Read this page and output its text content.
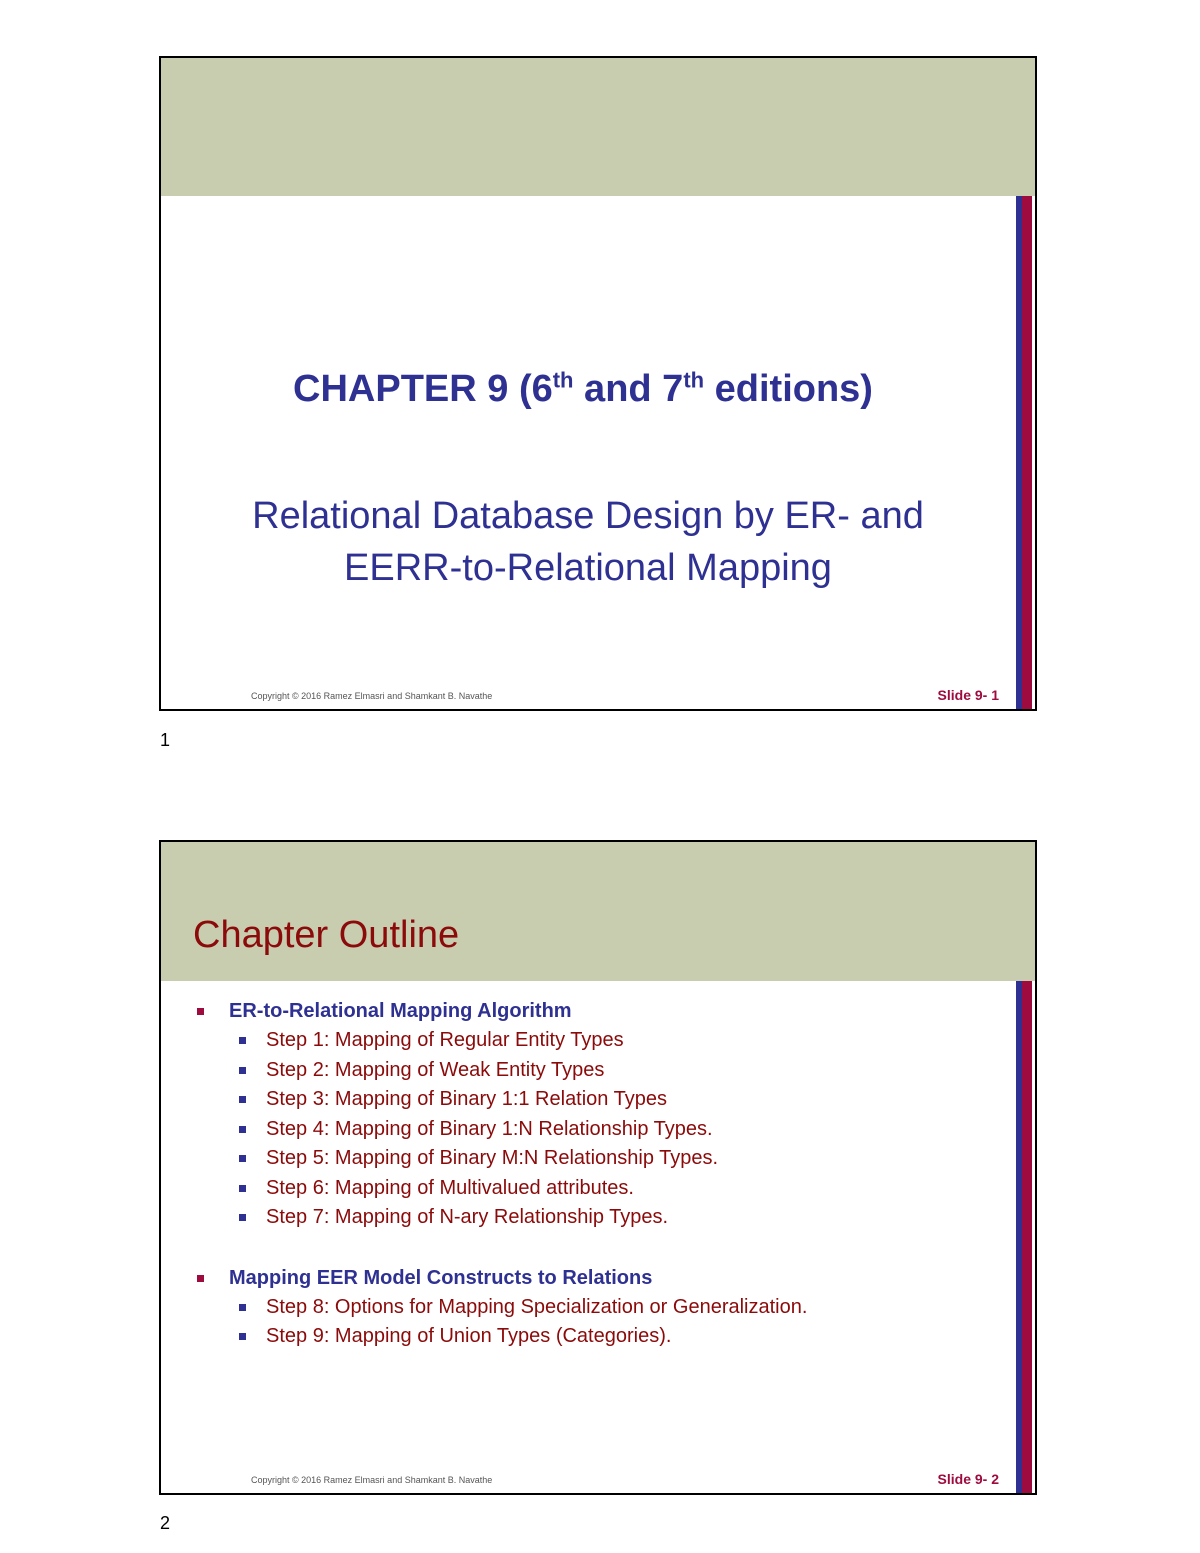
CHAPTER 9 (6th and 7th editions)
Relational Database Design by ER- and
EERR-to-Relational Mapping
Copyright © 2016 Ramez Elmasri and Shamkant B. Navathe	Slide 9- 1
1
Chapter Outline
ER-to-Relational Mapping Algorithm
Step 1: Mapping of Regular Entity Types
Step 2: Mapping of Weak Entity Types
Step 3: Mapping of Binary 1:1 Relation Types
Step 4: Mapping of Binary 1:N Relationship Types.
Step 5: Mapping of Binary M:N Relationship Types.
Step 6: Mapping of Multivalued attributes.
Step 7: Mapping of N-ary Relationship Types.
Mapping EER Model Constructs to Relations
Step 8: Options for Mapping Specialization or Generalization.
Step 9: Mapping of Union Types (Categories).
Copyright © 2016 Ramez Elmasri and Shamkant B. Navathe	Slide 9- 2
2
